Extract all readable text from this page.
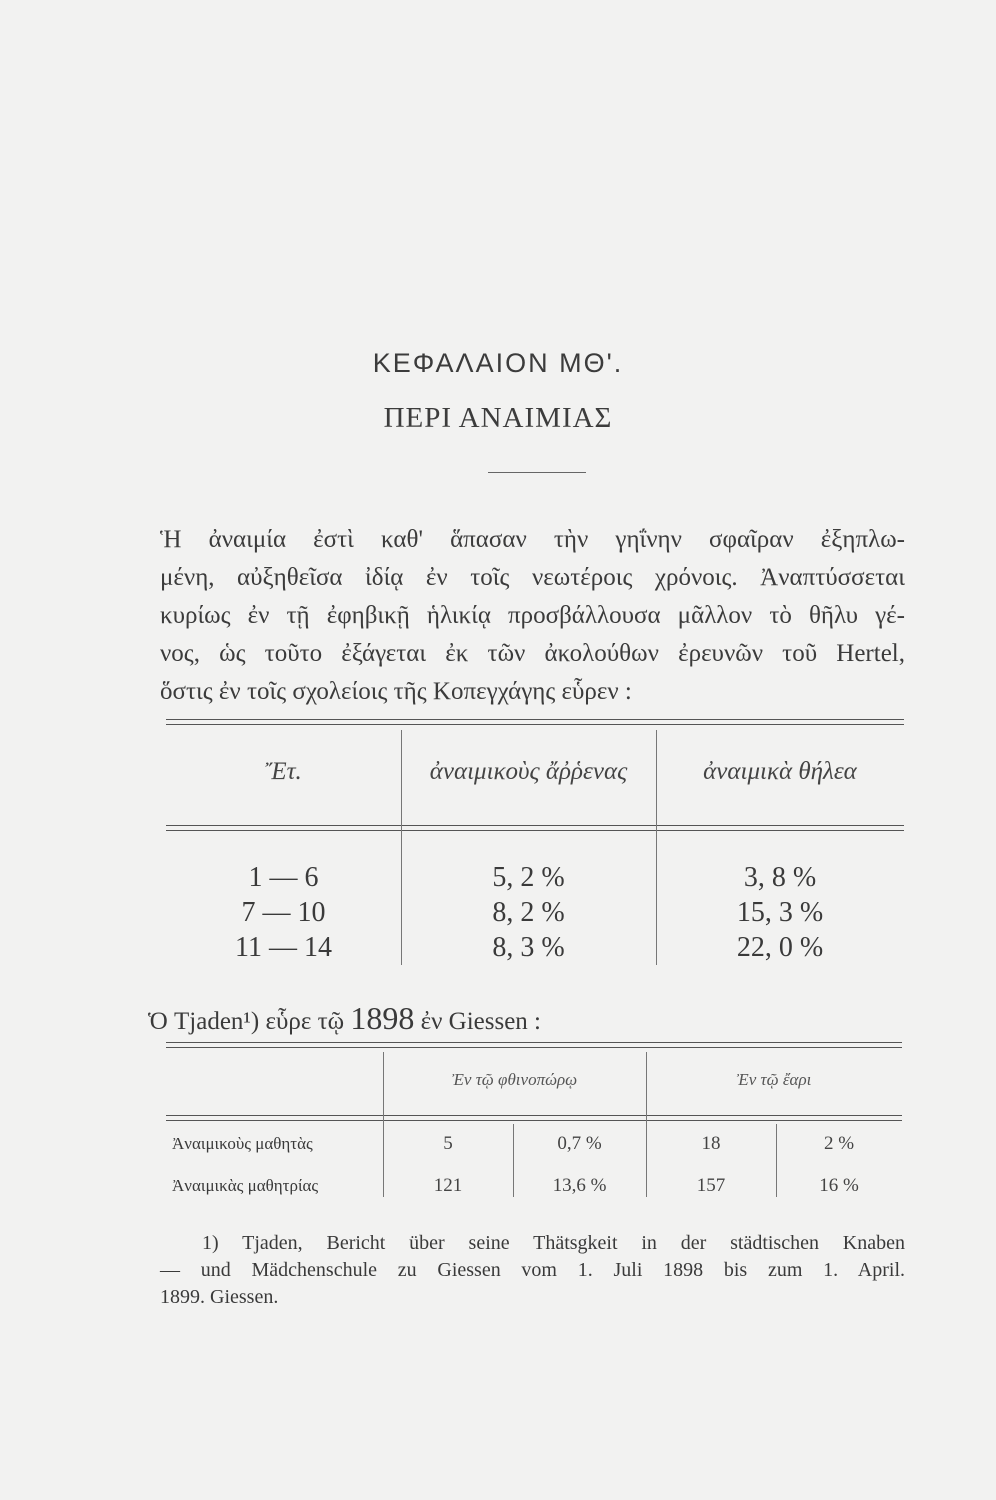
ΚΕΦΑΛΑΙΟΝ ΜΘ'.
ΠΕΡΙ ΑΝΑΙΜΙΑΣ
Ἡ ἀναιμία ἐστὶ καθ' ἅπασαν τὴν γηΐνην σφαῖραν ἐξηπλω-
μένη, αὐξηθεῖσα ἰδίᾳ ἐν τοῖς νεωτέροις χρόνοις. Ἀναπτύσσεται
κυρίως ἐν τῇ ἐφηβικῇ ἡλικίᾳ προσβάλλουσα μᾶλλον τὸ θῆλυ γέ-
νος, ὡς τοῦτο ἐξάγεται ἐκ τῶν ἀκολούθων ἐρευνῶν τοῦ Hertel,
ὅστις ἐν τοῖς σχολείοις τῆς Κοπεγχάγης εὗρεν :
Ἔτ.	ἀναιμικοὺς ἄῤῥενας	ἀναιμικὰ θήλεα
1 — 6	5, 2 %	3, 8 %
7 — 10	8, 2 %	15, 3 %
11 — 14	8, 3 %	22, 0 %
Ὁ Tjaden¹) εὗρε τῷ 1898 ἐν Giessen :
Ἐν τῷ φθινοπώρῳ	Ἐν τῷ ἔαρι
Ἀναιμικοὺς μαθητὰς	5	0,7 %	18	2 %
Ἀναιμικὰς μαθητρίας	121	13,6 %	157	16 %
1) Tjaden, Bericht über seine Thätsgkeit in der städtischen Knaben
— und Mädchenschule zu Giessen vom 1. Juli 1898 bis zum 1. April.
1899. Giessen.
